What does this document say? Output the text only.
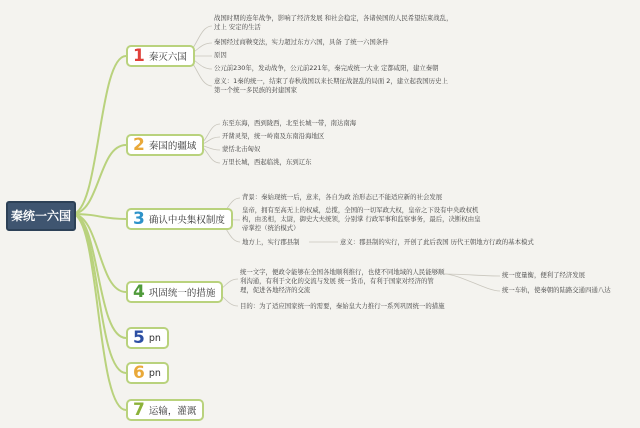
秦统一六国
1 秦灭六国
2 秦国的疆域
3 确认中央集权制度
4 巩固统一的措施
5 pn
6 pn
7 运输，灌溉
战国时期的连年战争，影响了经济发展 和社会稳定，各诸侯国的人民希望结束战乱，过上 安定的生活
秦国经过商鞅变法，实力超过东方六国，具备 了统一六国条件
原因
公元前230年，发动战争，公元前221年，秦完成统一大业 定都咸阳，建立秦朝
意义：1秦的统一，结束了春秋战国以来长期征战混乱的局面 2，建立起我国历史上第一个统一多民族的封建国家
东至东海，西到陇西，北至长城一带，南达南海
开凿灵渠，统一岭南及东南沿海地区
蒙恬北击匈奴
万里长城，西起临洮，东到辽东
背景：秦始现统一后，意来，各自为政 治形态已不能适应新的社会发展
皇帝，拥有至高无上的权威，总揽，全国的一切军政大权，皇帝之下设有中央政权机构，由丞相，太尉，御史大夫统领，分别掌 行政军事和监察事务，最后，决断权由皇帝掌控（统治模式）
地方上，实行郡县制	意义：郡县制的实行，开创了此后我国 历代王朝地方行政的基本模式
统一文字，便政令能够在全国各地顺利推行，也使不同地域的人民能够顺利沟通，有利于文化的交流与发展 统一货币，有利于国家对经济的管理，促进各地经济的交流
目的：为了适应国家统一的需要，秦始皇大力推行一系列巩固统一的措施
统一度量衡，便利了经济发展
统一车轨，使秦朝的陆路交通四通八达
